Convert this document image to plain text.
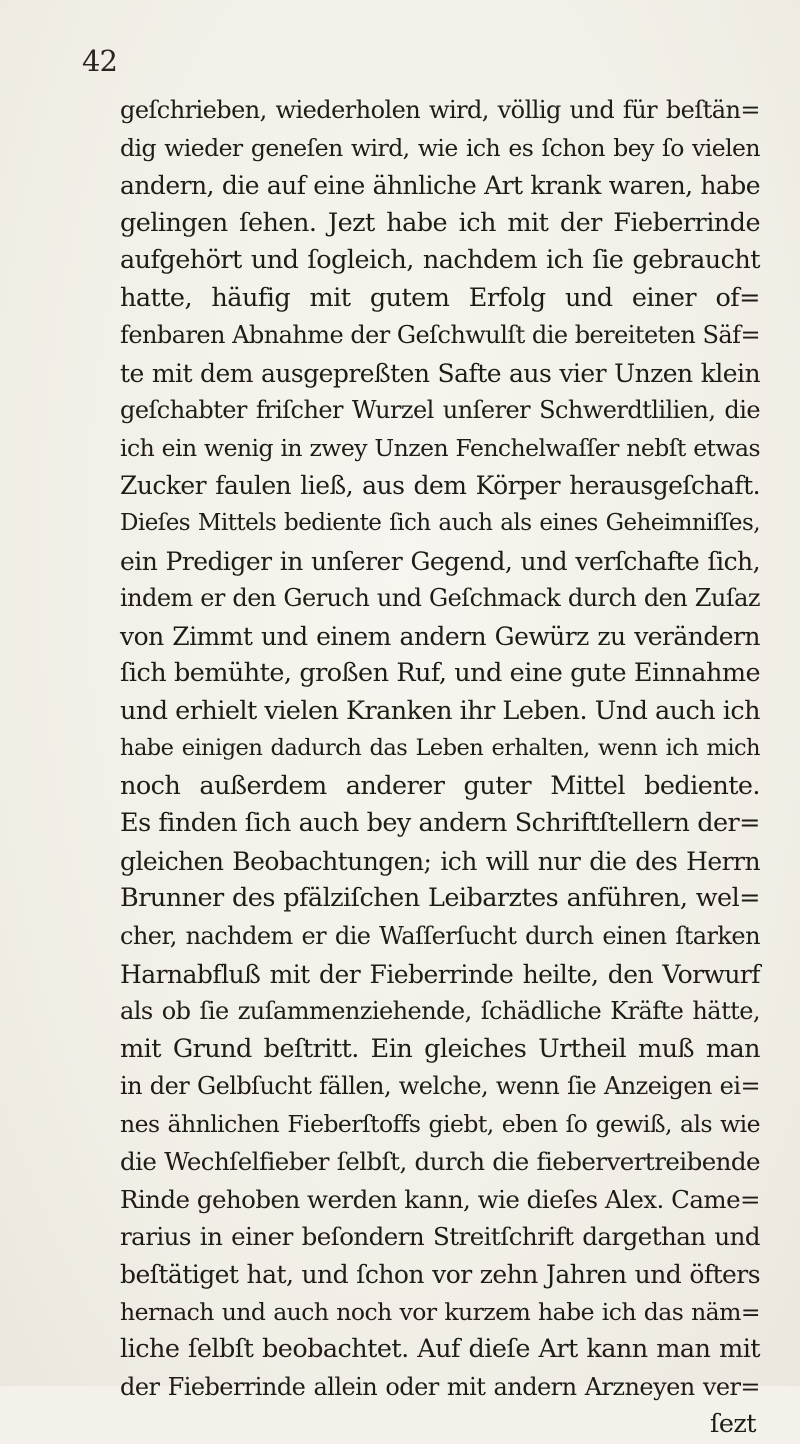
42
geſchrieben, wiederholen wird, völlig und für beſtän=
dig wieder geneſen wird, wie ich es ſchon bey ſo vielen
andern, die auf eine ähnliche Art krank waren, habe
gelingen ſehen. Jezt habe ich mit der Fieberrinde
aufgehört und ſogleich, nachdem ich ſie gebraucht
hatte, häufig mit gutem Erfolg und einer of=
fenbaren Abnahme der Geſchwulſt die bereiteten Säf=
te mit dem ausgepreßten Safte aus vier Unzen klein
geſchabter friſcher Wurzel unſerer Schwerdtlilien, die
ich ein wenig in zwey Unzen Fenchelwaſſer nebſt etwas
Zucker faulen ließ, aus dem Körper herausgeſchaft.
Dieſes Mittels bediente ſich auch als eines Geheimniſſes,
ein Prediger in unſerer Gegend, und verſchafte ſich,
indem er den Geruch und Geſchmack durch den Zuſaz
von Zimmt und einem andern Gewürz zu verändern
ſich bemühte, großen Ruf, und eine gute Einnahme
und erhielt vielen Kranken ihr Leben. Und auch ich
habe einigen dadurch das Leben erhalten, wenn ich mich
noch außerdem anderer guter Mittel bediente.
Es finden ſich auch bey andern Schriftſtellern der=
gleichen Beobachtungen; ich will nur die des Herrn
Brunner des pfälziſchen Leibarztes anführen, wel=
cher, nachdem er die Waſſerſucht durch einen ſtarken
Harnabfluß mit der Fieberrinde heilte, den Vorwurf
als ob ſie zuſammenziehende, ſchädliche Kräfte hätte,
mit Grund beſtritt. Ein gleiches Urtheil muß man
in der Gelbſucht fällen, welche, wenn ſie Anzeigen ei=
nes ähnlichen Fieberſtoffs giebt, eben ſo gewiß, als wie
die Wechſelfieber ſelbſt, durch die fiebervertreibende
Rinde gehoben werden kann, wie dieſes Alex. Came=
rarius in einer beſondern Streitſchrift dargethan und
beſtätiget hat, und ſchon vor zehn Jahren und öfters
hernach und auch noch vor kurzem habe ich das näm=
liche ſelbſt beobachtet. Auf dieſe Art kann man mit
der Fieberrinde allein oder mit andern Arzneyen ver=
ſezt
